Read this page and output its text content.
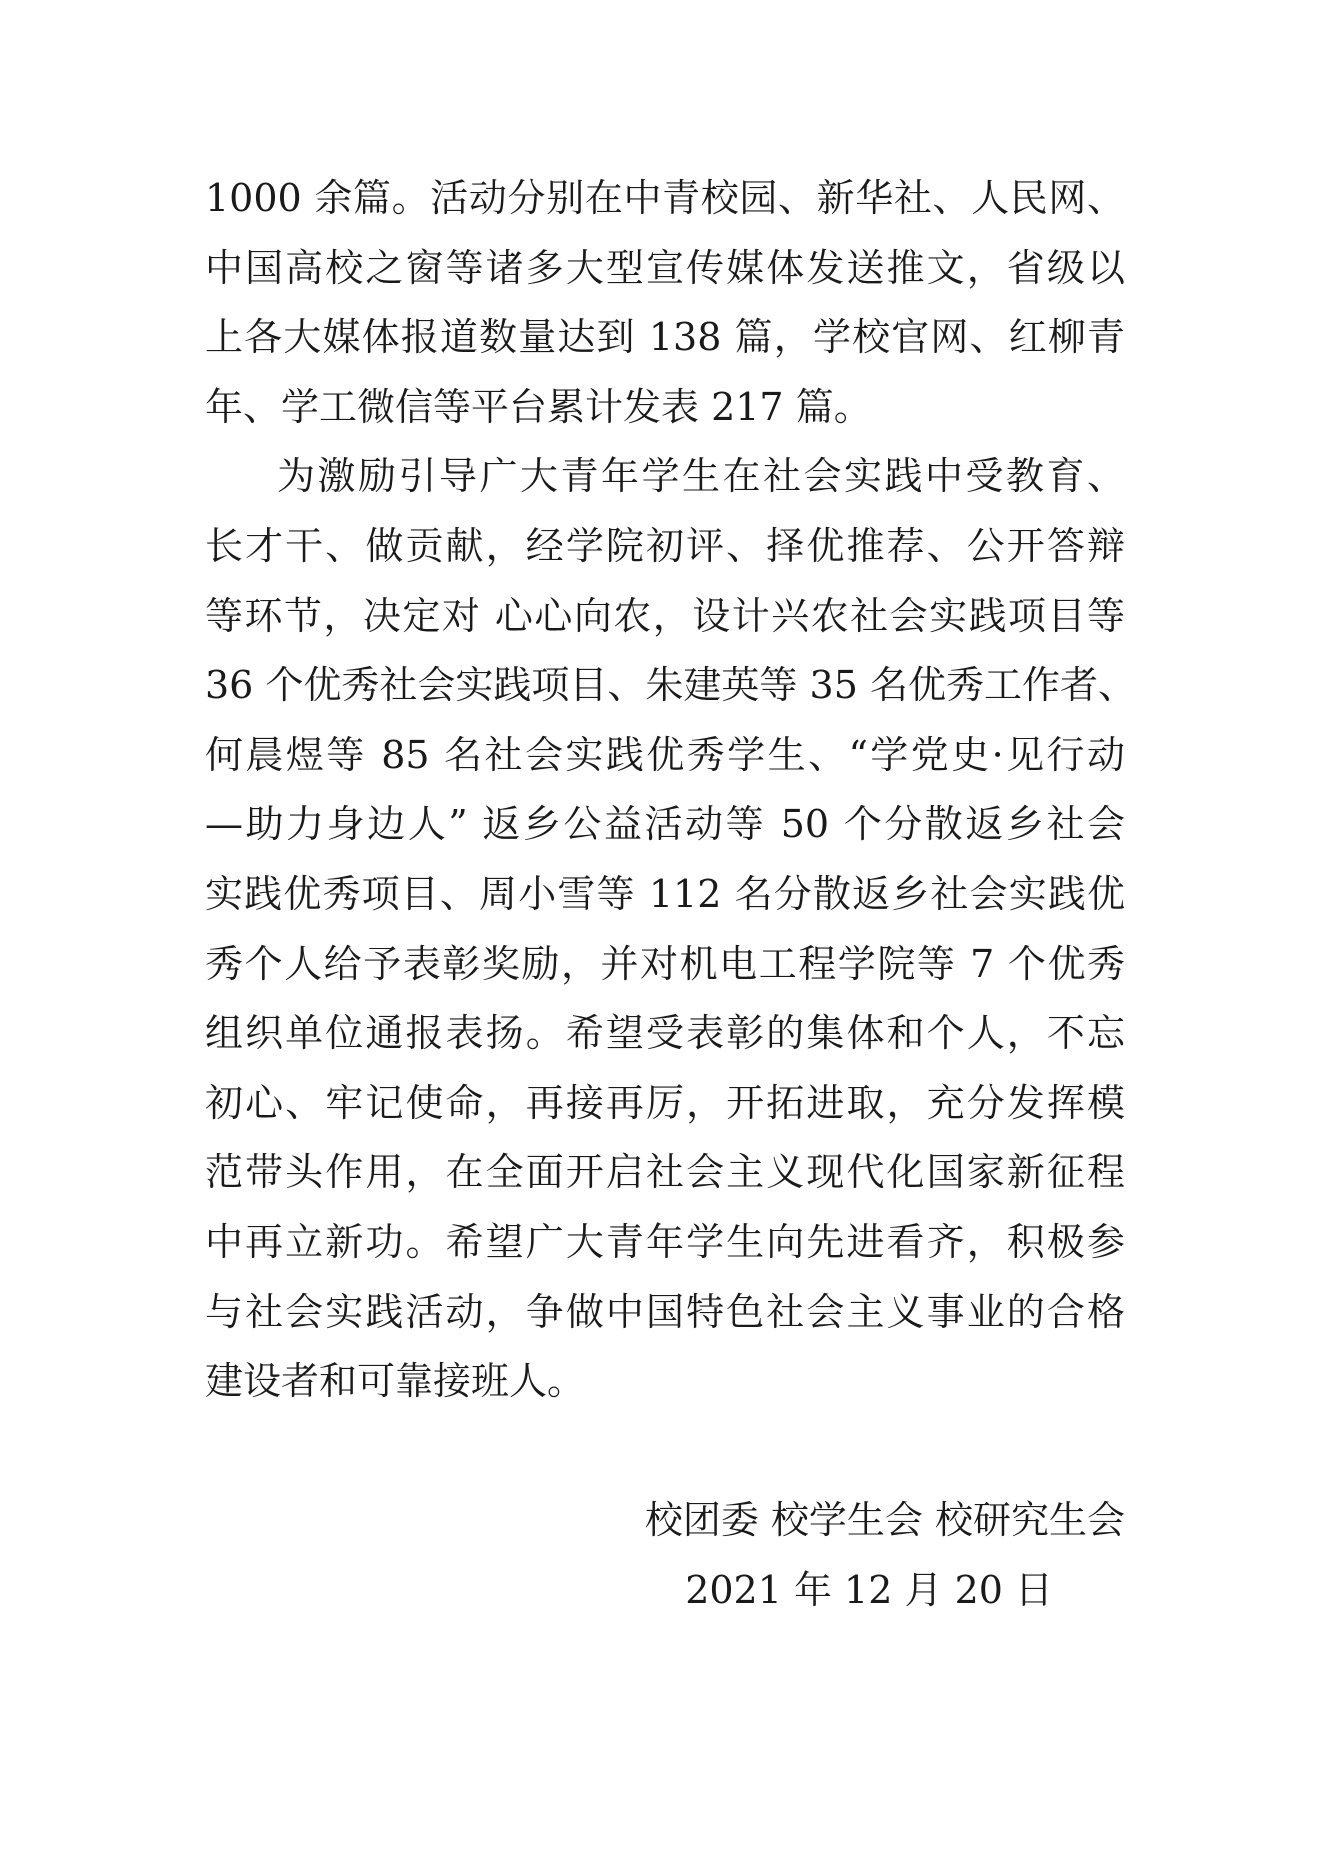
1000 余篇。活动分别在中青校园、新华社、人民网、
中国高校之窗等诸多大型宣传媒体发送推文，省级以
上各大媒体报道数量达到 138 篇，学校官网、红柳青
年、学工微信等平台累计发表 217 篇。
为激励引导广大青年学生在社会实践中受教育、
长才干、做贡献，经学院初评、择优推荐、公开答辩
等环节，决定对 心心向农，设计兴农社会实践项目等
36 个优秀社会实践项目、朱建英等 35 名优秀工作者、
何晨煜等 85 名社会实践优秀学生、“学党史·见行动
—助力身边人” 返乡公益活动等 50 个分散返乡社会
实践优秀项目、周小雪等 112 名分散返乡社会实践优
秀个人给予表彰奖励，并对机电工程学院等 7 个优秀
组织单位通报表扬。希望受表彰的集体和个人，不忘
初心、牢记使命，再接再厉，开拓进取，充分发挥模
范带头作用，在全面开启社会主义现代化国家新征程
中再立新功。希望广大青年学生向先进看齐，积极参
与社会实践活动，争做中国特色社会主义事业的合格
建设者和可靠接班人。
校团委 校学生会 校研究生会
2021 年 12 月 20 日
